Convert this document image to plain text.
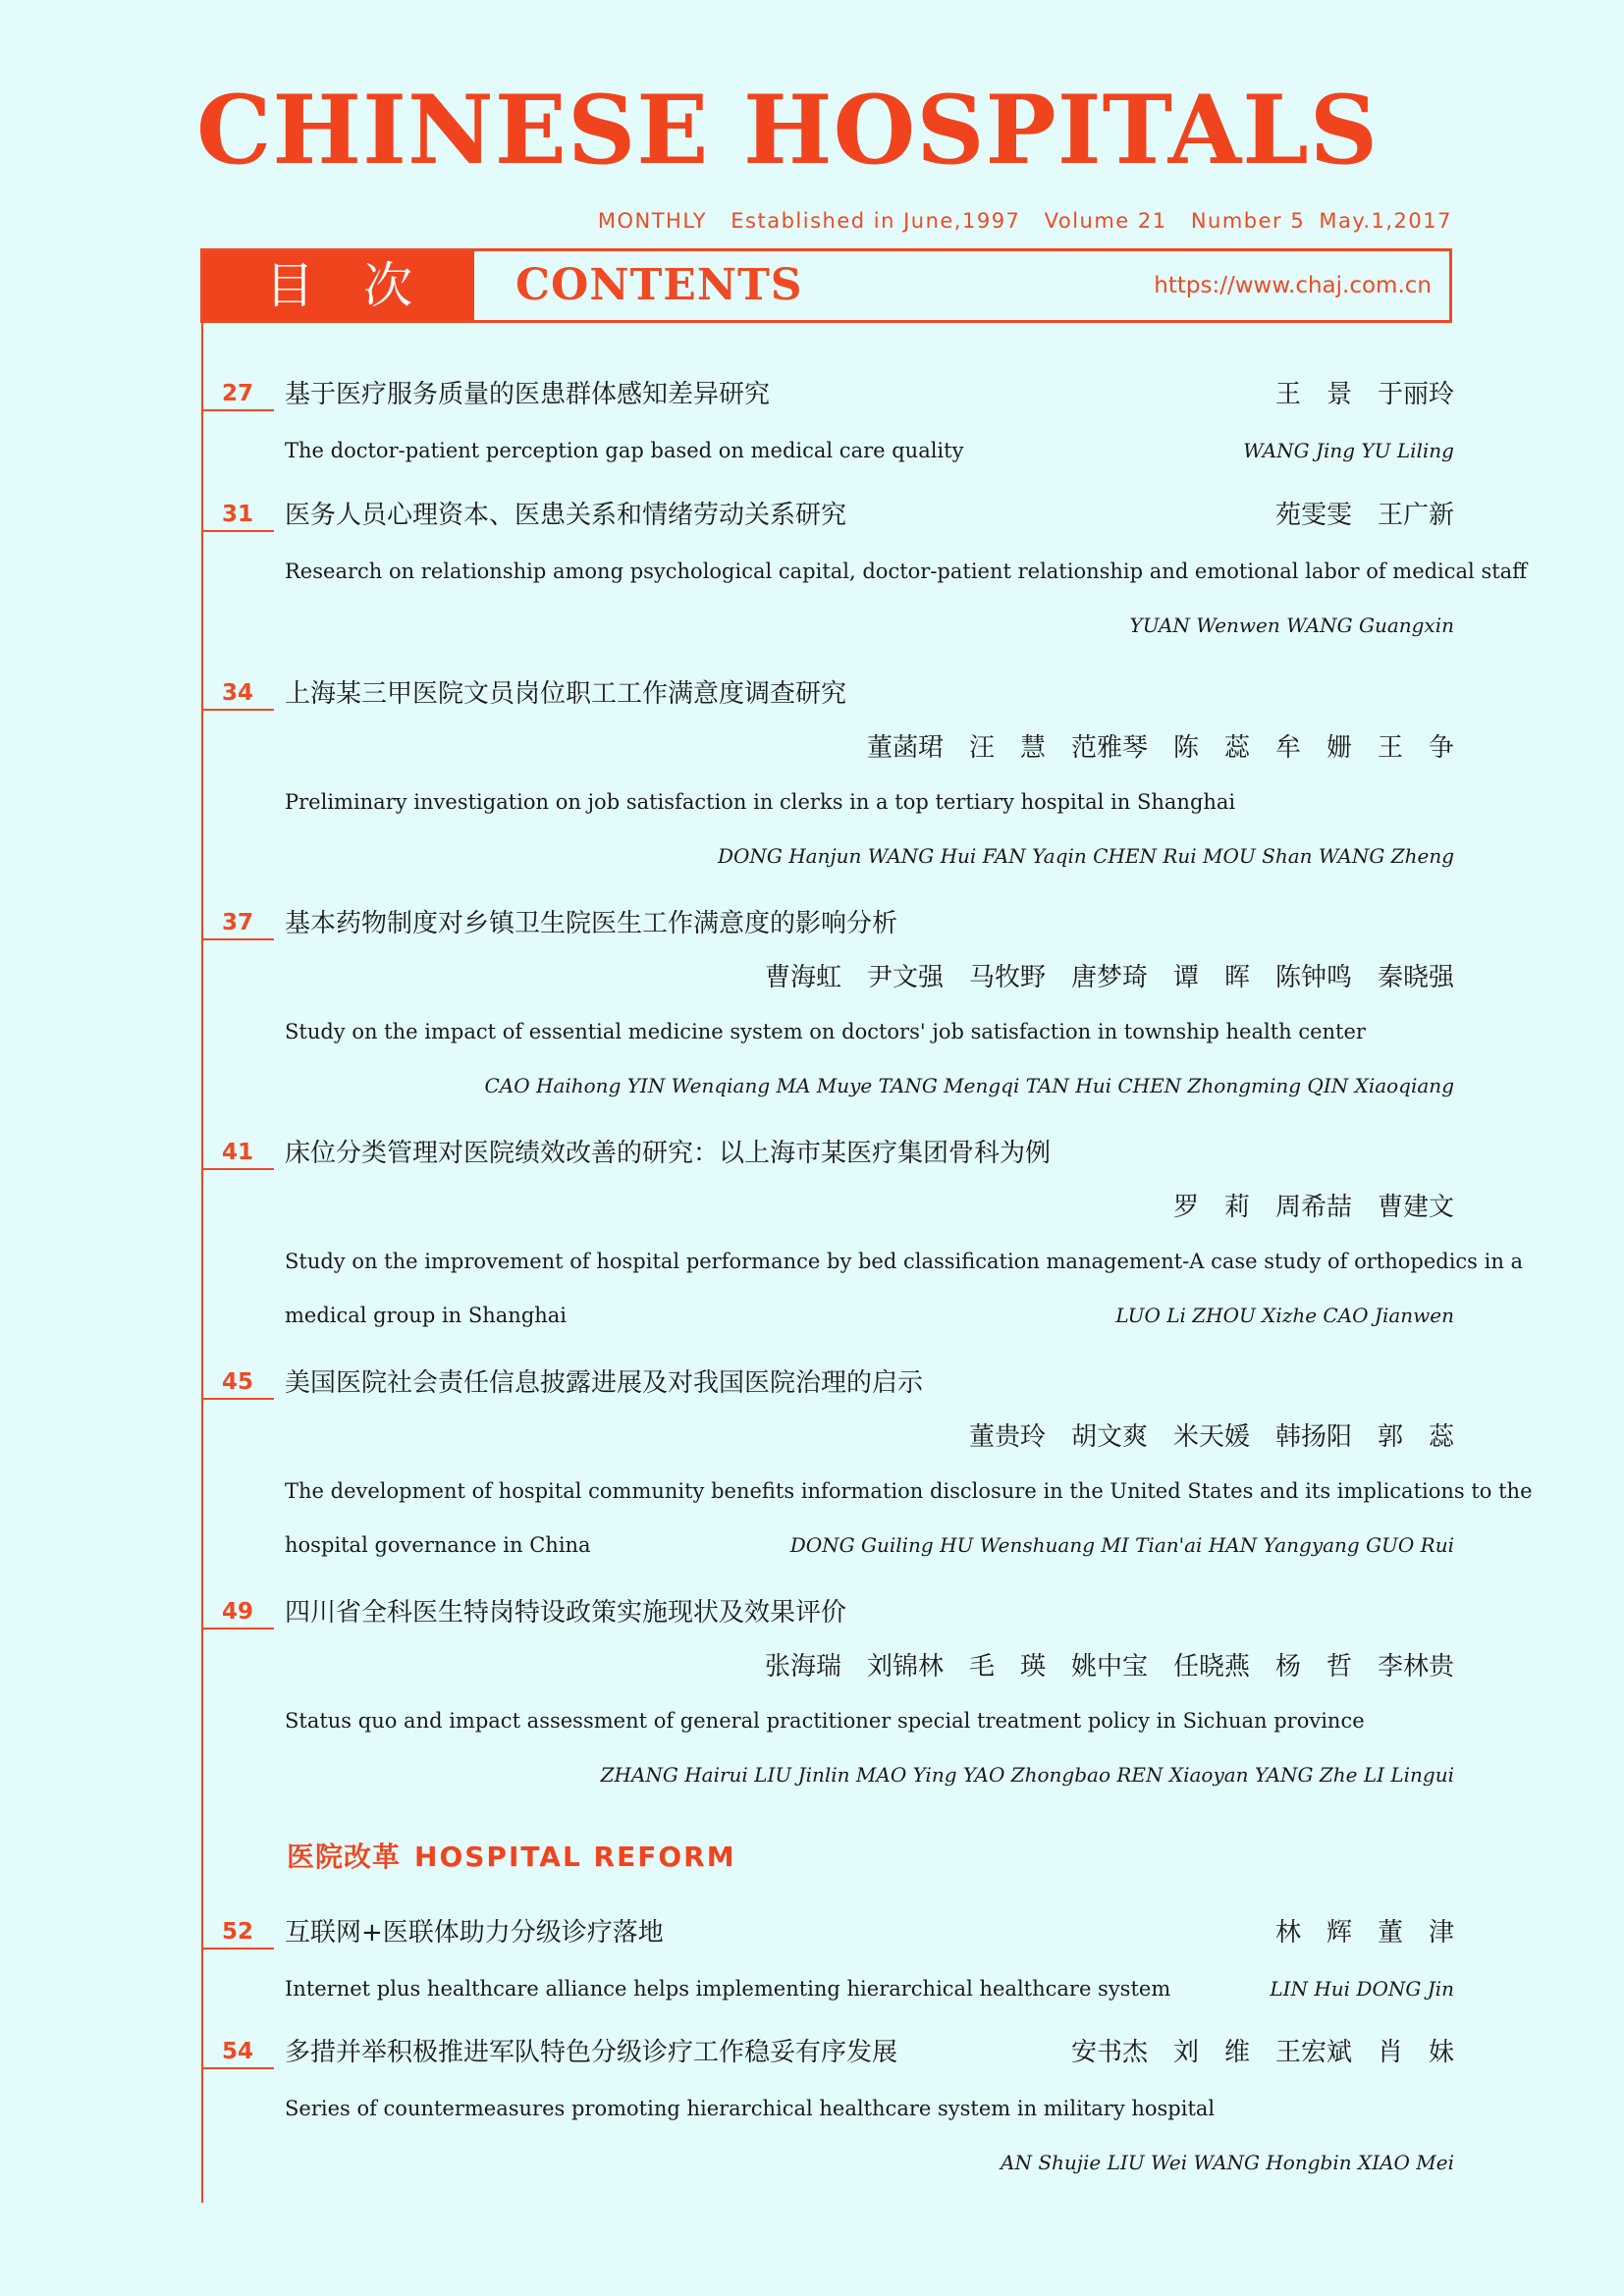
CHINESE HOSPITALS
MONTHLY Established in June,1997 Volume 21 Number 5 May.1,2017
目次 CONTENTS	https://www.chaj.com.cn
27	基于医疗服务质量的医患群体感知差异研究	王　景　于丽玲
The doctor-patient perception gap based on medical care quality	WANG Jing YU Liling
31	医务人员心理资本、医患关系和情绪劳动关系研究	苑雯雯　王广新
Research on relationship among psychological capital, doctor-patient relationship and emotional labor of medical staff
YUAN Wenwen WANG Guangxin
34	上海某三甲医院文员岗位职工工作满意度调查研究
董菡珺　汪　慧　范雅琴　陈　蕊　牟　姗　王　争
Preliminary investigation on job satisfaction in clerks in a top tertiary hospital in Shanghai
DONG Hanjun WANG Hui FAN Yaqin CHEN Rui MOU Shan WANG Zheng
37	基本药物制度对乡镇卫生院医生工作满意度的影响分析
曹海虹　尹文强　马牧野　唐梦琦　谭　晖　陈钟鸣　秦晓强
Study on the impact of essential medicine system on doctors' job satisfaction in township health center
CAO Haihong YIN Wenqiang MA Muye TANG Mengqi TAN Hui CHEN Zhongming QIN Xiaoqiang
41	床位分类管理对医院绩效改善的研究：以上海市某医疗集团骨科为例
罗　莉　周希喆　曹建文
Study on the improvement of hospital performance by bed classification management-A case study of orthopedics in a
medical group in Shanghai	LUO Li ZHOU Xizhe CAO Jianwen
45	美国医院社会责任信息披露进展及对我国医院治理的启示
董贵玲　胡文爽　米天媛　韩扬阳　郭　蕊
The development of hospital community benefits information disclosure in the United States and its implications to the
hospital governance in China	DONG Guiling HU Wenshuang MI Tian'ai HAN Yangyang GUO Rui
49	四川省全科医生特岗特设政策实施现状及效果评价
张海瑞　刘锦林　毛　瑛　姚中宝　任晓燕　杨　哲　李林贵
Status quo and impact assessment of general practitioner special treatment policy in Sichuan province
ZHANG Hairui LIU Jinlin MAO Ying YAO Zhongbao REN Xiaoyan YANG Zhe LI Lingui
医院改革 HOSPITAL REFORM
52	互联网+医联体助力分级诊疗落地	林　辉　董　津
Internet plus healthcare alliance helps implementing hierarchical healthcare system	LIN Hui DONG Jin
54	多措并举积极推进军队特色分级诊疗工作稳妥有序发展	安书杰　刘　维　王宏斌　肖　妹
Series of countermeasures promoting hierarchical healthcare system in military hospital
AN Shujie LIU Wei WANG Hongbin XIAO Mei
